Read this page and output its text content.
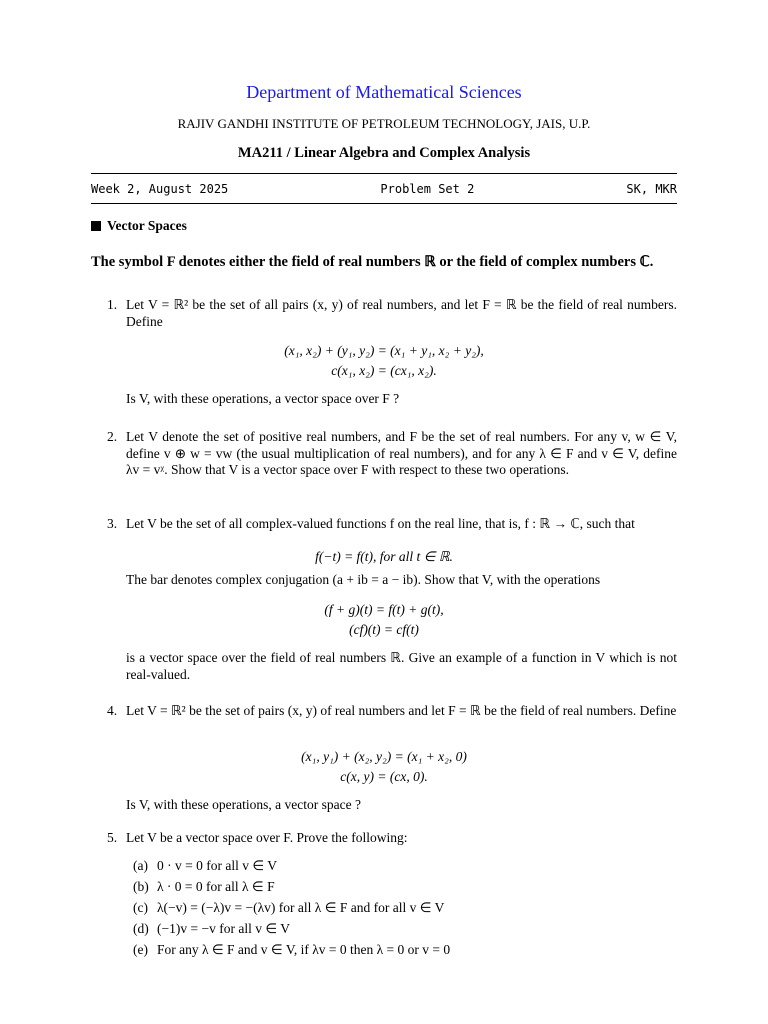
Department of Mathematical Sciences
RAJIV GANDHI INSTITUTE OF PETROLEUM TECHNOLOGY, JAIS, U.P.
MA211 / Linear Algebra and Complex Analysis
Week 2, August 2025	Problem Set 2	SK, MKR
Vector Spaces
The symbol F denotes either the field of real numbers ℝ or the field of complex numbers ℂ.
1. Let V = ℝ² be the set of all pairs (x, y) of real numbers, and let F = ℝ be the field of real numbers. Define
(x₁, x₂) + (y₁, y₂) = (x₁ + y₁, x₂ + y₂),
c(x₁, x₂) = (cx₁, x₂).
Is V, with these operations, a vector space over F ?
2. Let V denote the set of positive real numbers, and F be the set of real numbers. For any v, w ∈ V, define v ⊕ w = vw (the usual multiplication of real numbers), and for any λ ∈ F and v ∈ V, define λv = vᵡ. Show that V is a vector space over F with respect to these two operations.
3. Let V be the set of all complex-valued functions f on the real line, that is, f : ℝ → ℂ, such that
f(−t) = f(t), for all t ∈ ℝ.
The bar denotes complex conjugation (a + ib = a − ib). Show that V, with the operations
(f + g)(t) = f(t) + g(t),
(cf)(t) = cf(t)
is a vector space over the field of real numbers ℝ. Give an example of a function in V which is not real-valued.
4. Let V = ℝ² be the set of pairs (x, y) of real numbers and let F = ℝ be the field of real numbers. Define
(x₁, y₁) + (x₂, y₂) = (x₁ + x₂, 0)
c(x, y) = (cx, 0).
Is V, with these operations, a vector space ?
5. Let V be a vector space over F. Prove the following:
(a) 0 · v = 0 for all v ∈ V
(b) λ · 0 = 0 for all λ ∈ F
(c) λ(−v) = (−λ)v = −(λv) for all λ ∈ F and for all v ∈ V
(d) (−1)v = −v for all v ∈ V
(e) For any λ ∈ F and v ∈ V, if λv = 0 then λ = 0 or v = 0
